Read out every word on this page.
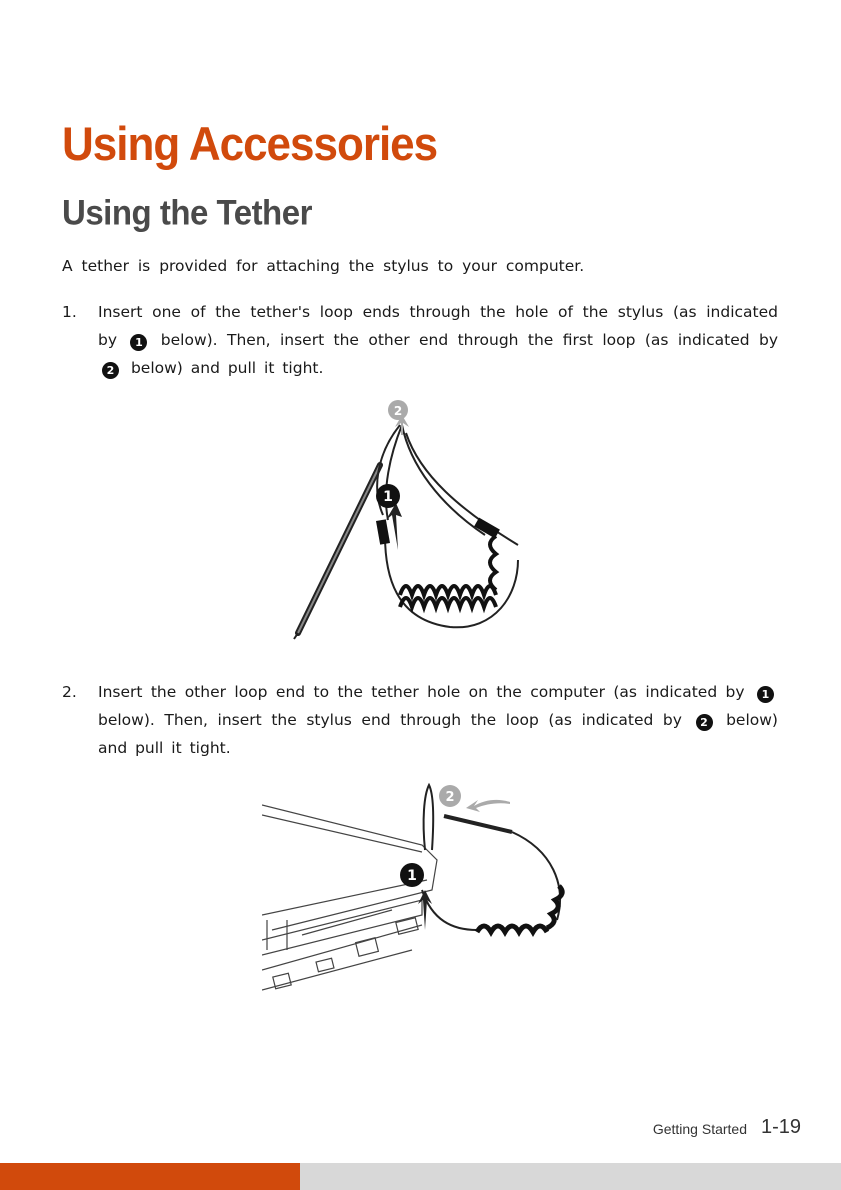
Using Accessories
Using the Tether

A tether is provided for attaching the stylus to your computer.

1.	Insert one of the tether's loop ends through the hole of the stylus (as indicated by 1 below). Then, insert the other end through the first loop (as indicated by 2 below) and pull it tight.

1
2

2.	Insert the other loop end to the tether hole on the computer (as indicated by 1 below). Then, insert the stylus end through the loop (as indicated by 2 below) and pull it tight.

1
2
Getting Started 1-19
